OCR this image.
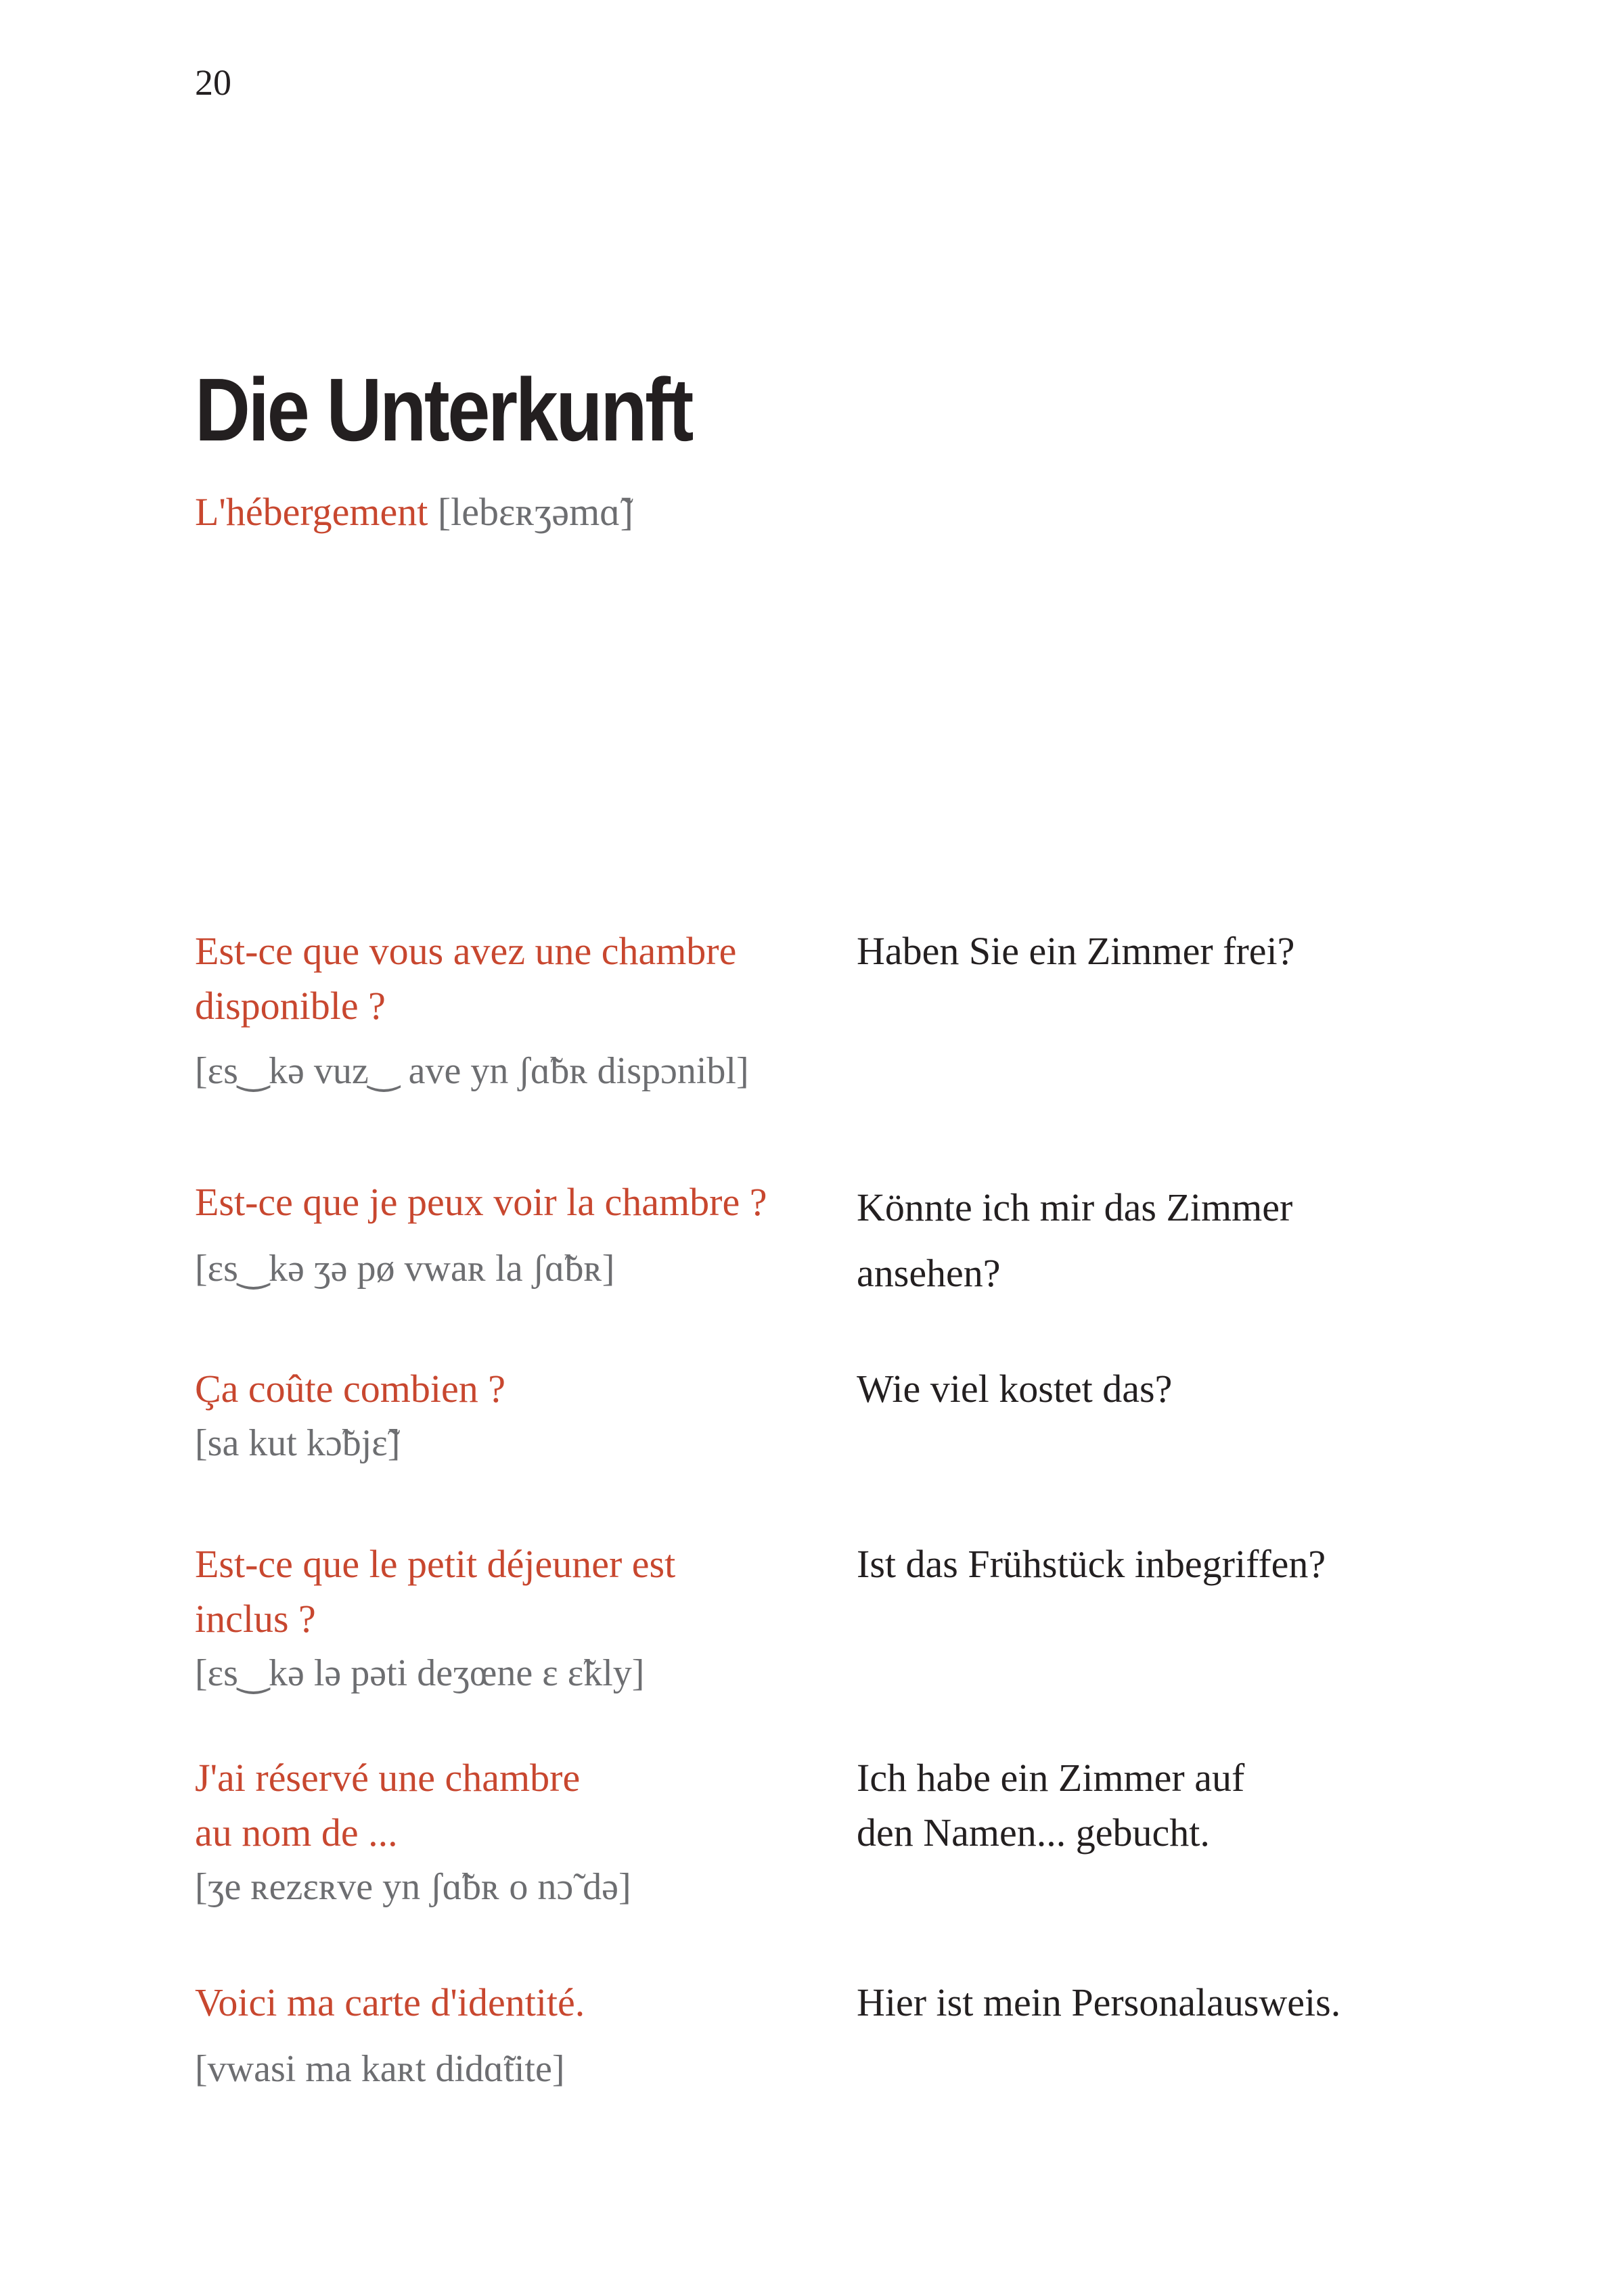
20
Die Unterkunft
L'hébergement [lebɛʀʒəmɑ̃]

Est-ce que vous avez une chambre

disponible ?

[ɛs‿kə vuz‿ ave yn ʃɑ̃bʀ dispɔnibl]

Haben Sie ein Zimmer frei?

Est-ce que je peux voir la chambre ?

[ɛs‿kə ʒə pø vwaʀ la ʃɑ̃bʀ]

Könnte ich mir das Zimmer
ansehen?

Ça coûte combien ?

[sa kut kɔ̃bjɛ̃]

Wie viel kostet das?

Est-ce que le petit déjeuner est

inclus ?

[ɛs‿kə lə pəti deʒœne ɛ ɛ̃kly]

Ist das Frühstück inbegriffen?

J'ai réservé une chambre

au nom de ...

[ʒe ʀezɛʀve yn ʃɑ̃bʀ o nɔ̃ də]

Ich habe ein Zimmer auf
den Namen... gebucht.

Voici ma carte d'identité.

[vwasi ma kaʀt didɑ̃tite]

Hier ist mein Personalausweis.
